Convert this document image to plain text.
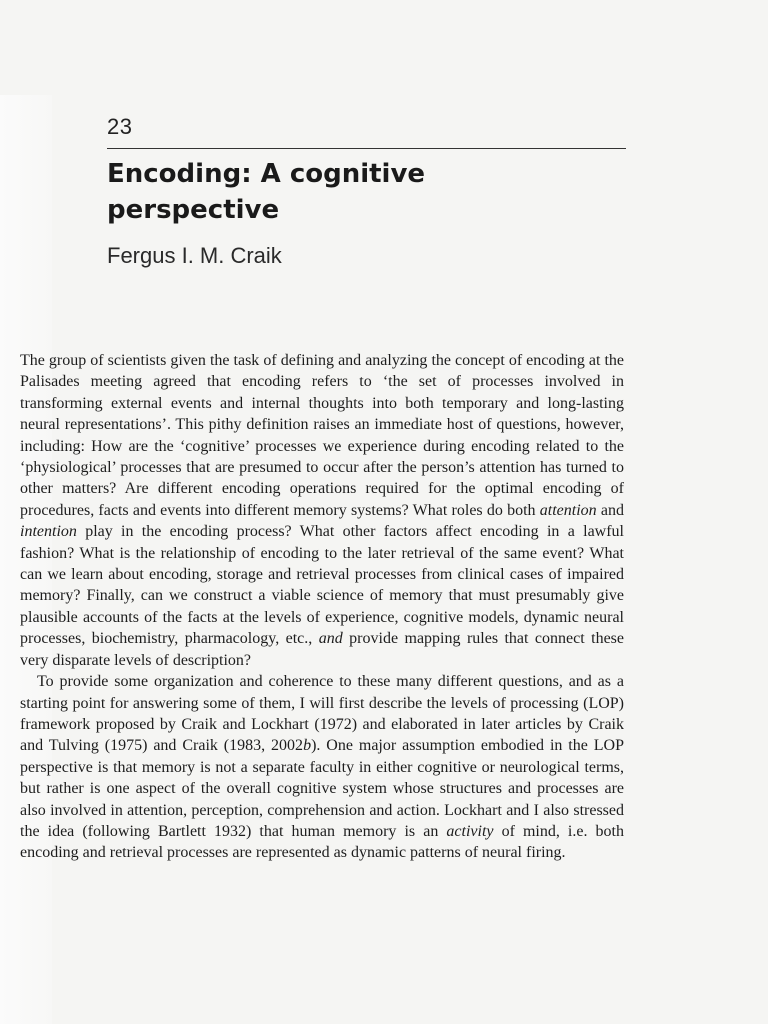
23
Encoding: A cognitive
perspective
Fergus I. M. Craik

The group of scientists given the task of defining and analyzing the concept of encoding at the Palisades meeting agreed that encoding refers to ‘the set of processes involved in transforming external events and internal thoughts into both temporary and long-lasting neural representations’. This pithy definition raises an immediate host of questions, however, including: How are the ‘cognitive’ processes we experience during encoding related to the ‘physiological’ processes that are presumed to occur after the person’s attention has turned to other matters? Are different encoding operations required for the optimal encoding of procedures, facts and events into different memory systems? What roles do both attention and intention play in the encoding process? What other factors affect encoding in a lawful fashion? What is the relationship of encoding to the later retrieval of the same event? What can we learn about encoding, storage and retrieval processes from clinical cases of impaired memory? Finally, can we construct a viable science of memory that must presumably give plausible accounts of the facts at the levels of experience, cognitive models, dynamic neural processes, biochemistry, pharmacology, etc., and provide mapping rules that connect these very disparate levels of description?

To provide some organization and coherence to these many different questions, and as a starting point for answering some of them, I will first describe the levels of processing (LOP) framework proposed by Craik and Lockhart (1972) and elaborated in later articles by Craik and Tulving (1975) and Craik (1983, 2002b). One major assumption embodied in the LOP perspective is that memory is not a separate faculty in either cognitive or neurological terms, but rather is one aspect of the overall cognitive system whose structures and processes are also involved in attention, perception, comprehension and action. Lockhart and I also stressed the idea (following Bartlett 1932) that human memory is an activity of mind, i.e. both encoding and retrieval processes are represented as dynamic patterns of neural firing.
